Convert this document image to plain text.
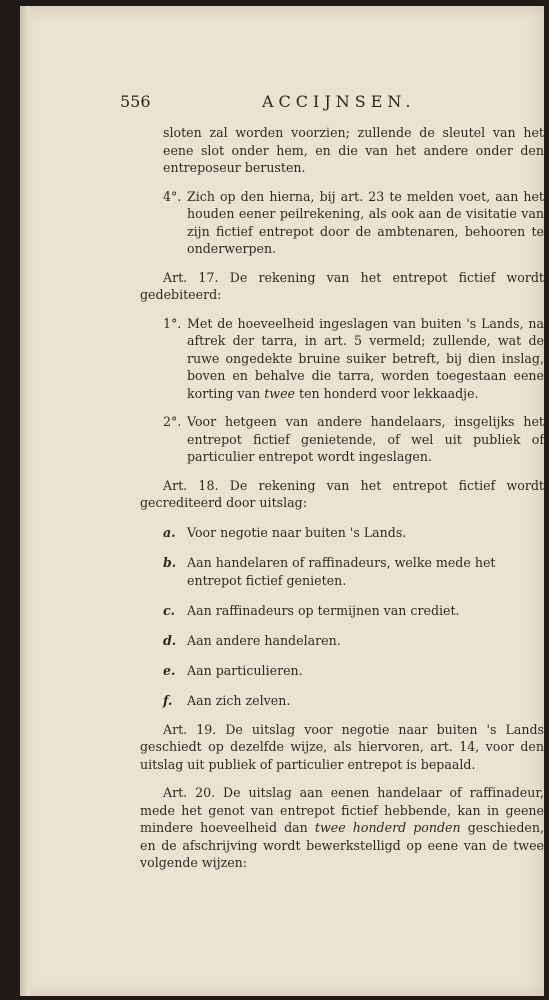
556	ACCIJNSEN.

sloten zal worden voorzien; zullende de sleutel van het eene slot onder hem, en die van het andere onder den entreposeur berusten.

4°. Zich op den hierna, bij art. 23 te melden voet, aan het houden eener peilrekening, als ook aan de visitatie van zijn fictief entrepot door de ambtenaren, behooren te onderwerpen.

Art. 17. De rekening van het entrepot fictief wordt gedebiteerd:

1°. Met de hoeveelheid ingeslagen van buiten 's Lands, na aftrek der tarra, in art. 5 vermeld; zullende, wat de ruwe ongedekte bruine suiker betreft, bij dien inslag, boven en behalve die tarra, worden toegestaan eene korting van twee ten honderd voor lekkaadje.

2°. Voor hetgeen van andere handelaars, insgelijks het entrepot fictief genietende, of wel uit publiek of particulier entrepot wordt ingeslagen.

Art. 18. De rekening van het entrepot fictief wordt gecrediteerd door uitslag:

a. Voor negotie naar buiten 's Lands.

b. Aan handelaren of raffinadeurs, welke mede het entrepot fictief genieten.

c. Aan raffinadeurs op termijnen van crediet.

d. Aan andere handelaren.

e. Aan particulieren.

f. Aan zich zelven.

Art. 19. De uitslag voor negotie naar buiten 's Lands geschiedt op dezelfde wijze, als hiervoren, art. 14, voor den uitslag uit publiek of particulier entrepot is bepaald.

Art. 20. De uitslag aan eenen handelaar of raffinadeur, mede het genot van entrepot fictief hebbende, kan in geene mindere hoeveelheid dan twee honderd ponden geschieden, en de afschrijving wordt bewerkstelligd op eene van de twee volgende wijzen:
